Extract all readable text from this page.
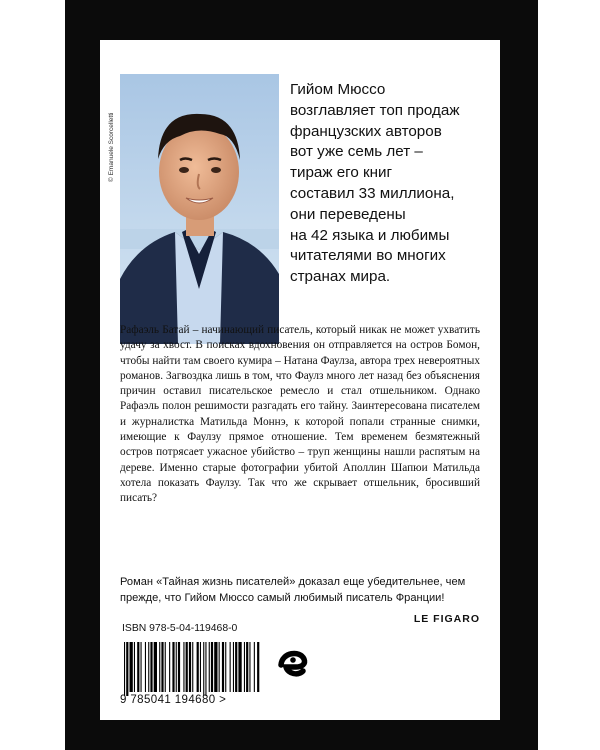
© Emanuele Scorcelletti
Гийом Мюссо
возглавляет топ продаж
французских авторов
вот уже семь лет –
тираж его книг
составил 33 миллиона,
они переведены
на 42 языка и любимы
читателями во многих
странах мира.
Рафаэль Батай – начинающий писатель, который никак не может ухватить удачу за хвост. В поисках вдохновения он отправляется на остров Бомон, чтобы найти там своего кумира – Натана Фаулза, автора трех невероятных романов. Загвоздка лишь в том, что Фаулз много лет назад без объяснения причин оставил писательское ремесло и стал отшельником. Однако Рафаэль полон решимости разгадать его тайну. Заинтересована писателем и журналистка Матильда Моннэ, к которой попали странные снимки, имеющие к Фаулзу прямое отношение. Тем временем безмятежный остров потрясает ужасное убийство – труп женщины нашли распятым на дереве. Именно старые фотографии убитой Аполлин Шапюи Матильда хотела показать Фаулзу. Так что же скрывает отшельник, бросивший писать?
Роман «Тайная жизнь писателей» доказал еще убедительнее, чем прежде, что Гийом Мюссо самый любимый писатель Франции!
LE FIGARO
ISBN 978-5-04-119468-0
9 785041 194680 >
